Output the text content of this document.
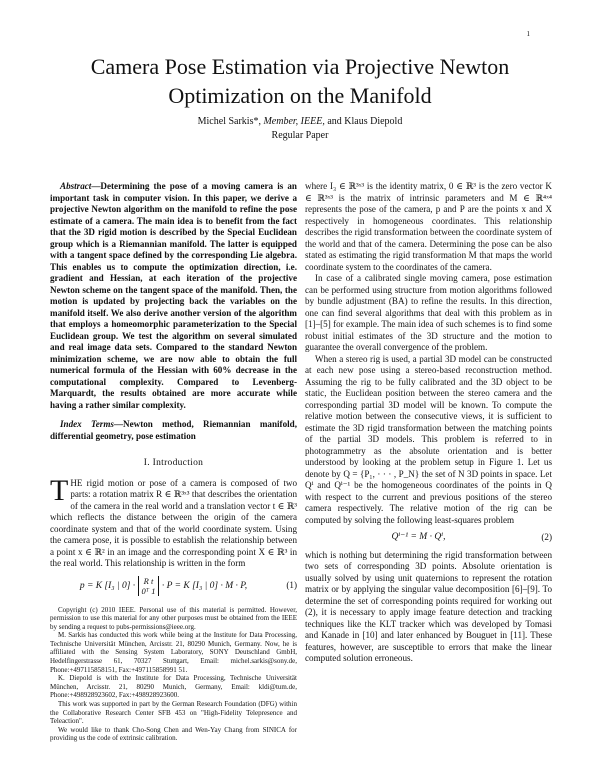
1
Camera Pose Estimation via Projective Newton
Optimization on the Manifold
Michel Sarkis*, Member, IEEE, and Klaus Diepold
Regular Paper

Abstract—Determining the pose of a moving camera is an important task in computer vision. In this paper, we derive a projective Newton algorithm on the manifold to refine the pose estimate of a camera. The main idea is to benefit from the fact that the 3D rigid motion is described by the Special Euclidean group which is a Riemannian manifold. The latter is equipped with a tangent space defined by the corresponding Lie algebra. This enables us to compute the optimization direction, i.e. gradient and Hessian, at each iteration of the projective Newton scheme on the tangent space of the manifold. Then, the motion is updated by projecting back the variables on the manifold itself. We also derive another version of the algorithm that employs a homeomorphic parameterization to the Special Euclidean group. We test the algorithm on several simulated and real image data sets. Compared to the standard Newton minimization scheme, we are now able to obtain the full numerical formula of the Hessian with 60% decrease in the computational complexity. Compared to Levenberg-Marquardt, the results obtained are more accurate while having a rather similar complexity.

Index Terms—Newton method, Riemannian manifold, differential geometry, pose estimation

I. Introduction

THE rigid motion or pose of a camera is composed of two parts: a rotation matrix R ∈ ℝ³ˣ³ that describes the orientation of the camera in the real world and a translation vector t ∈ ℝ³ which reflects the distance between the origin of the camera coordinate system and that of the world coordinate system. Using the camera pose, it is possible to establish the relationship between a point x ∈ ℝ² in an image and the corresponding point X ∈ ℝ³ in the real world. This relationship is written in the form

p = K [I₃ | 0] · R t
0ᵀ 1 · P = K [I₃ | 0] · M · P,	(1)

Copyright (c) 2010 IEEE. Personal use of this material is permitted. However, permission to use this material for any other purposes must be obtained from the IEEE by sending a request to pubs-permissions@ieee.org.

M. Sarkis has conducted this work while being at the Institute for Data Processing, Technische Universität München, Arcisstr. 21, 80290 Munich, Germany. Now, he is affiliated with the Sensing System Laboratory, SONY Deutschland GmbH, Hedelfingerstrasse 61, 70327 Stuttgart, Email: michel.sarkis@sony.de, Phone:+497115858151, Fax:+497115858991 51.

K. Diepold is with the Institute for Data Processing, Technische Universität München, Arcisstr. 21, 80290 Munich, Germany, Email: kldi@tum.de, Phone:+498928923602, Fax:+498928923600.

This work was supported in part by the German Research Foundation (DFG) within the Collaborative Research Center SFB 453 on "High-Fidelity Telepresence and Teleaction".

We would like to thank Cho-Song Chen and Wen-Yay Chang from SINICA for providing us the code of extrinsic calibration.

where I₃ ∈ ℝ³ˣ³ is the identity matrix, 0 ∈ ℝ³ is the zero vector K ∈ ℝ³ˣ³ is the matrix of intrinsic parameters and M ∈ ℝ⁴ˣ⁴ represents the pose of the camera, p and P are the points x and X respectively in homogeneous coordinates. This relationship describes the rigid transformation between the coordinate system of the world and that of the camera. Determining the pose can be also stated as estimating the rigid transformation M that maps the world coordinate system to the coordinates of the camera.

In case of a calibrated single moving camera, pose estimation can be performed using structure from motion algorithms followed by bundle adjustment (BA) to refine the results. In this direction, one can find several algorithms that deal with this problem as in [1]–[5] for example. The main idea of such schemes is to find some robust initial estimates of the 3D structure and the motion to guarantee the overall convergence of the problem.

When a stereo rig is used, a partial 3D model can be constructed at each new pose using a stereo-based reconstruction method. Assuming the rig to be fully calibrated and the 3D object to be static, the Euclidean position between the stereo camera and the corresponding partial 3D model will be known. To compute the relative motion between the consecutive views, it is sufficient to estimate the 3D rigid transformation between the matching points of the partial 3D models. This problem is referred to in photogrammetry as the absolute orientation and is better understood by looking at the problem setup in Figure 1. Let us denote by Q = {P₁, · · · , P_N} the set of N 3D points in space. Let Qⁱ and Qⁱ⁻¹ be the homogeneous coordinates of the points in Q with respect to the current and previous positions of the stereo camera respectively. The relative motion of the rig can be computed by solving the following least-squares problem

Qⁱ⁻¹ = M · Qⁱ,	(2)

which is nothing but determining the rigid transformation between two sets of corresponding 3D points. Absolute orientation is usually solved by using unit quaternions to represent the rotation matrix or by applying the singular value decomposition [6]–[9]. To determine the set of corresponding points required for working out (2), it is necessary to apply image feature detection and tracking techniques like the KLT tracker which was developed by Tomasi and Kanade in [10] and later enhanced by Bouguet in [11]. These features, however, are susceptible to errors that make the linear computed solution erroneous.
